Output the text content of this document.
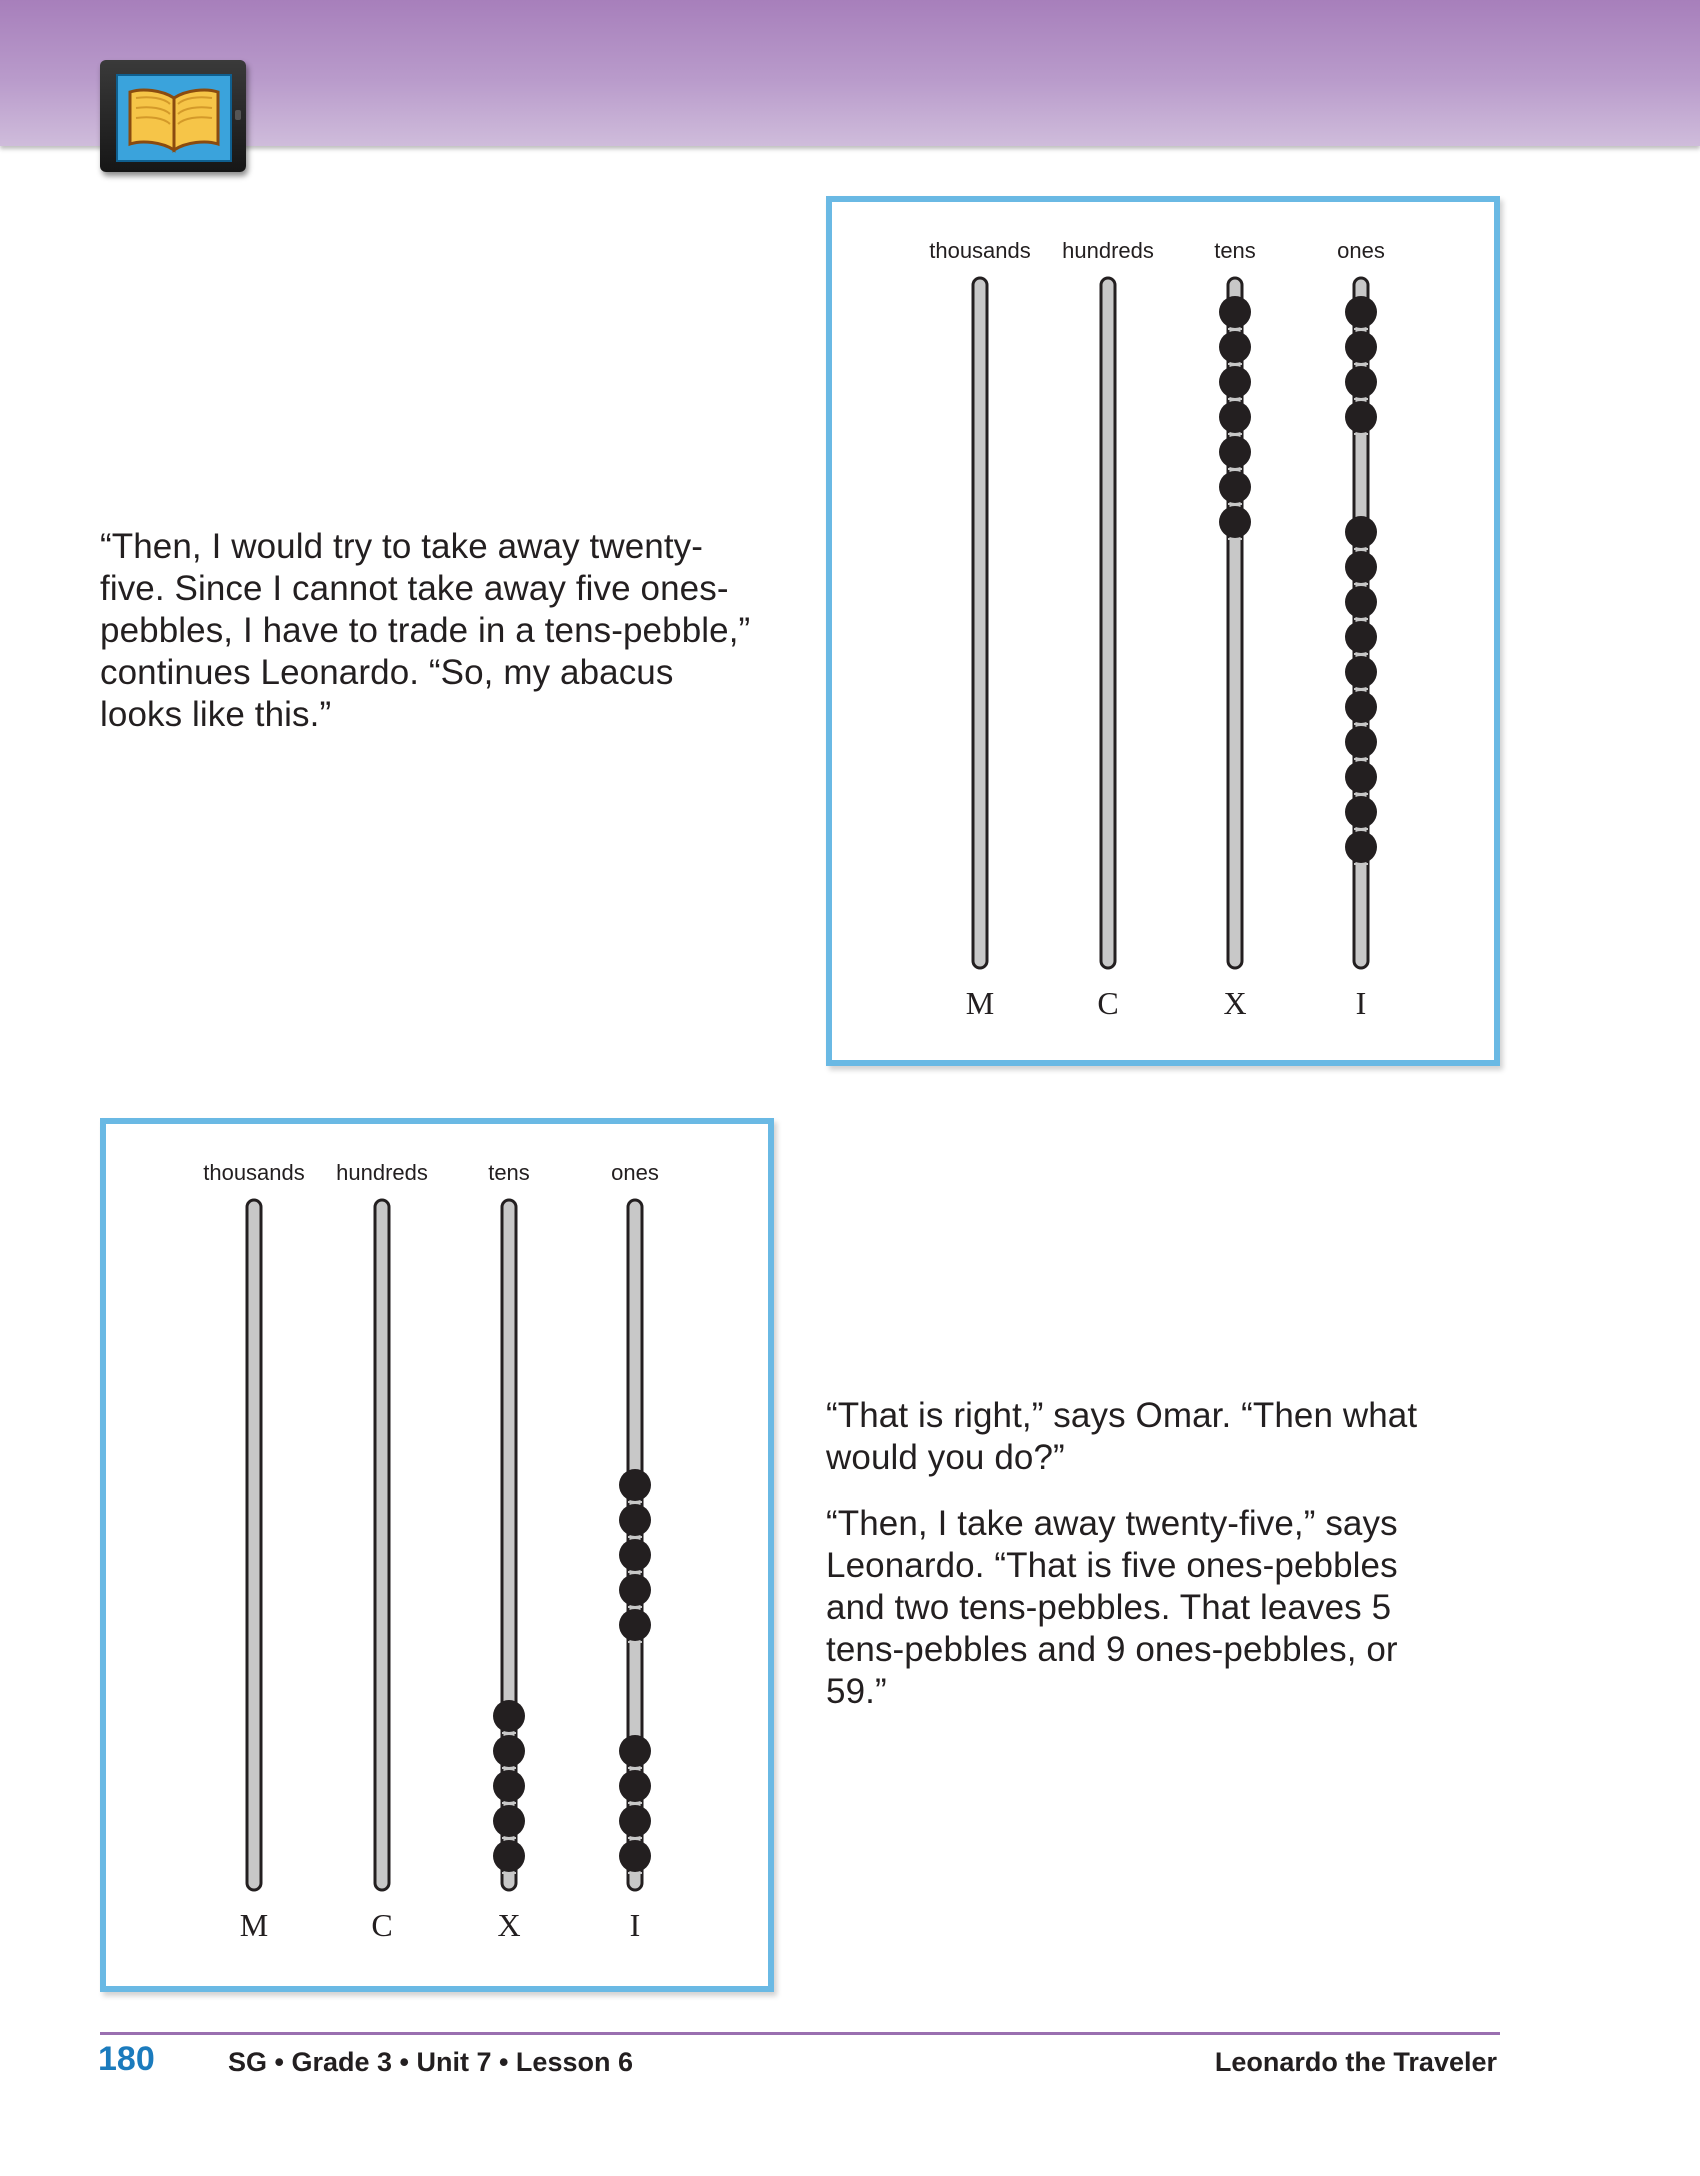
“Then, I would try to take away twenty-five. Since I cannot take away five ones-pebbles, I have to trade in a tens-pebble,” continues Leonardo. “So, my abacus looks like this.”

thousands
M
hundreds
C
tens
X
ones
I
thousands
M
hundreds
C
tens
X
ones
I

“That is right,” says Omar. “Then what would you do?”

“Then, I take away twenty-five,” says Leonardo. “That is five ones-pebbles and two tens-pebbles. That leaves 5 tens-pebbles and 9 ones-pebbles, or 59.”

180	SG • Grade 3 • Unit 7 • Lesson 6	Leonardo the Traveler
